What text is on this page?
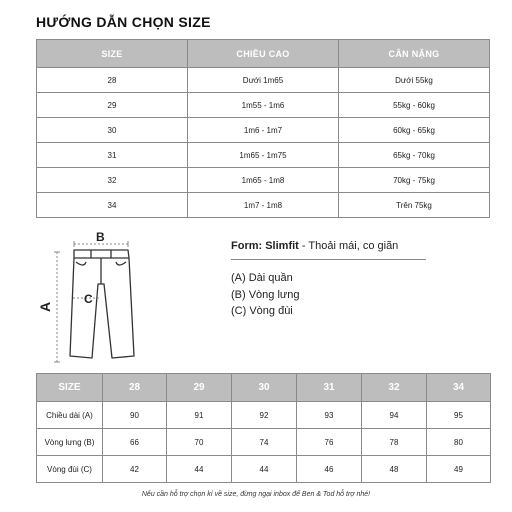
HƯỚNG DẪN CHỌN SIZE
SIZE	CHIỀU CAO	CÂN NẶNG
28	Dưới 1m65	Dưới 55kg
29	1m55 - 1m6	55kg - 60kg
30	1m6 - 1m7	60kg - 65kg
31	1m65 - 1m75	65kg - 70kg
32	1m65 - 1m8	70kg - 75kg
34	1m7 - 1m8	Trên 75kg
A
B
C
Form: Slimfit - Thoải mái, co giãn
(A) Dài quần
(B) Vòng lưng
(C) Vòng đùi
SIZE	28	29	30	31	32	34
Chiều dài (A)	90	91	92	93	94	95
Vòng lưng (B)	66	70	74	76	78	80
Vòng đùi (C)	42	44	44	46	48	49
Nếu cần hỗ trợ chọn kí về size, đừng ngại inbox để Ben & Tod hỗ trợ nhé!
